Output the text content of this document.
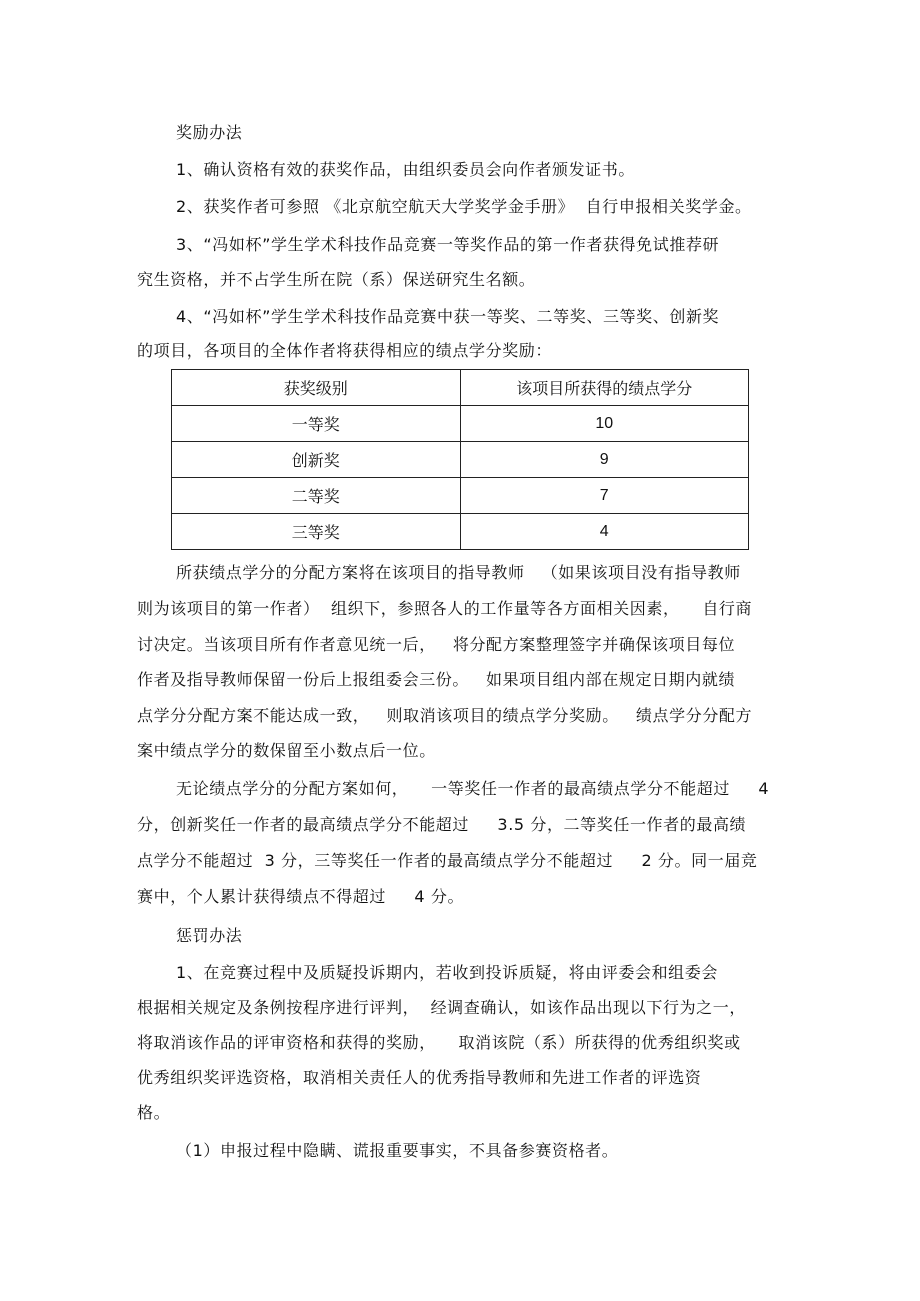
奖励办法
1、确认资格有效的获奖作品，由组织委员会向作者颁发证书。
2、获奖作者可参照 《北京航空航天大学奖学金手册》  自行申报相关奖学金。
3、“冯如杯”学生学术科技作品竞赛一等奖作品的第一作者获得免试推荐研
究生资格，并不占学生所在院（系）保送研究生名额。
4、“冯如杯”学生学术科技作品竞赛中获一等奖、二等奖、三等奖、创新奖
的项目，各项目的全体作者将获得相应的绩点学分奖励：
获奖级别	该项目所获得的绩点学分
一等奖	10
创新奖	9
二等奖	7
三等奖	4
所获绩点学分的分配方案将在该项目的指导教师   （如果该项目没有指导教师
则为该项目的第一作者）  组织下，参照各人的工作量等各方面相关因素，    自行商
讨决定。当该项目所有作者意见统一后，   将分配方案整理签字并确保该项目每位
作者及指导教师保留一份后上报组委会三份。   如果项目组内部在规定日期内就绩
点学分分配方案不能达成一致，   则取消该项目的绩点学分奖励。   绩点学分分配方
案中绩点学分的数保留至小数点后一位。
无论绩点学分的分配方案如何，    一等奖任一作者的最高绩点学分不能超过     4
分，创新奖任一作者的最高绩点学分不能超过     3.5 分，二等奖任一作者的最高绩
点学分不能超过  3 分，三等奖任一作者的最高绩点学分不能超过     2 分。同一届竞
赛中，个人累计获得绩点不得超过     4 分。
惩罚办法
1、在竞赛过程中及质疑投诉期内，若收到投诉质疑，将由评委会和组委会
根据相关规定及条例按程序进行评判，  经调查确认，如该作品出现以下行为之一，
将取消该作品的评审资格和获得的奖励，    取消该院（系）所获得的优秀组织奖或
优秀组织奖评选资格，取消相关责任人的优秀指导教师和先进工作者的评选资
格。
（1）申报过程中隐瞒、谎报重要事实，不具备参赛资格者。
